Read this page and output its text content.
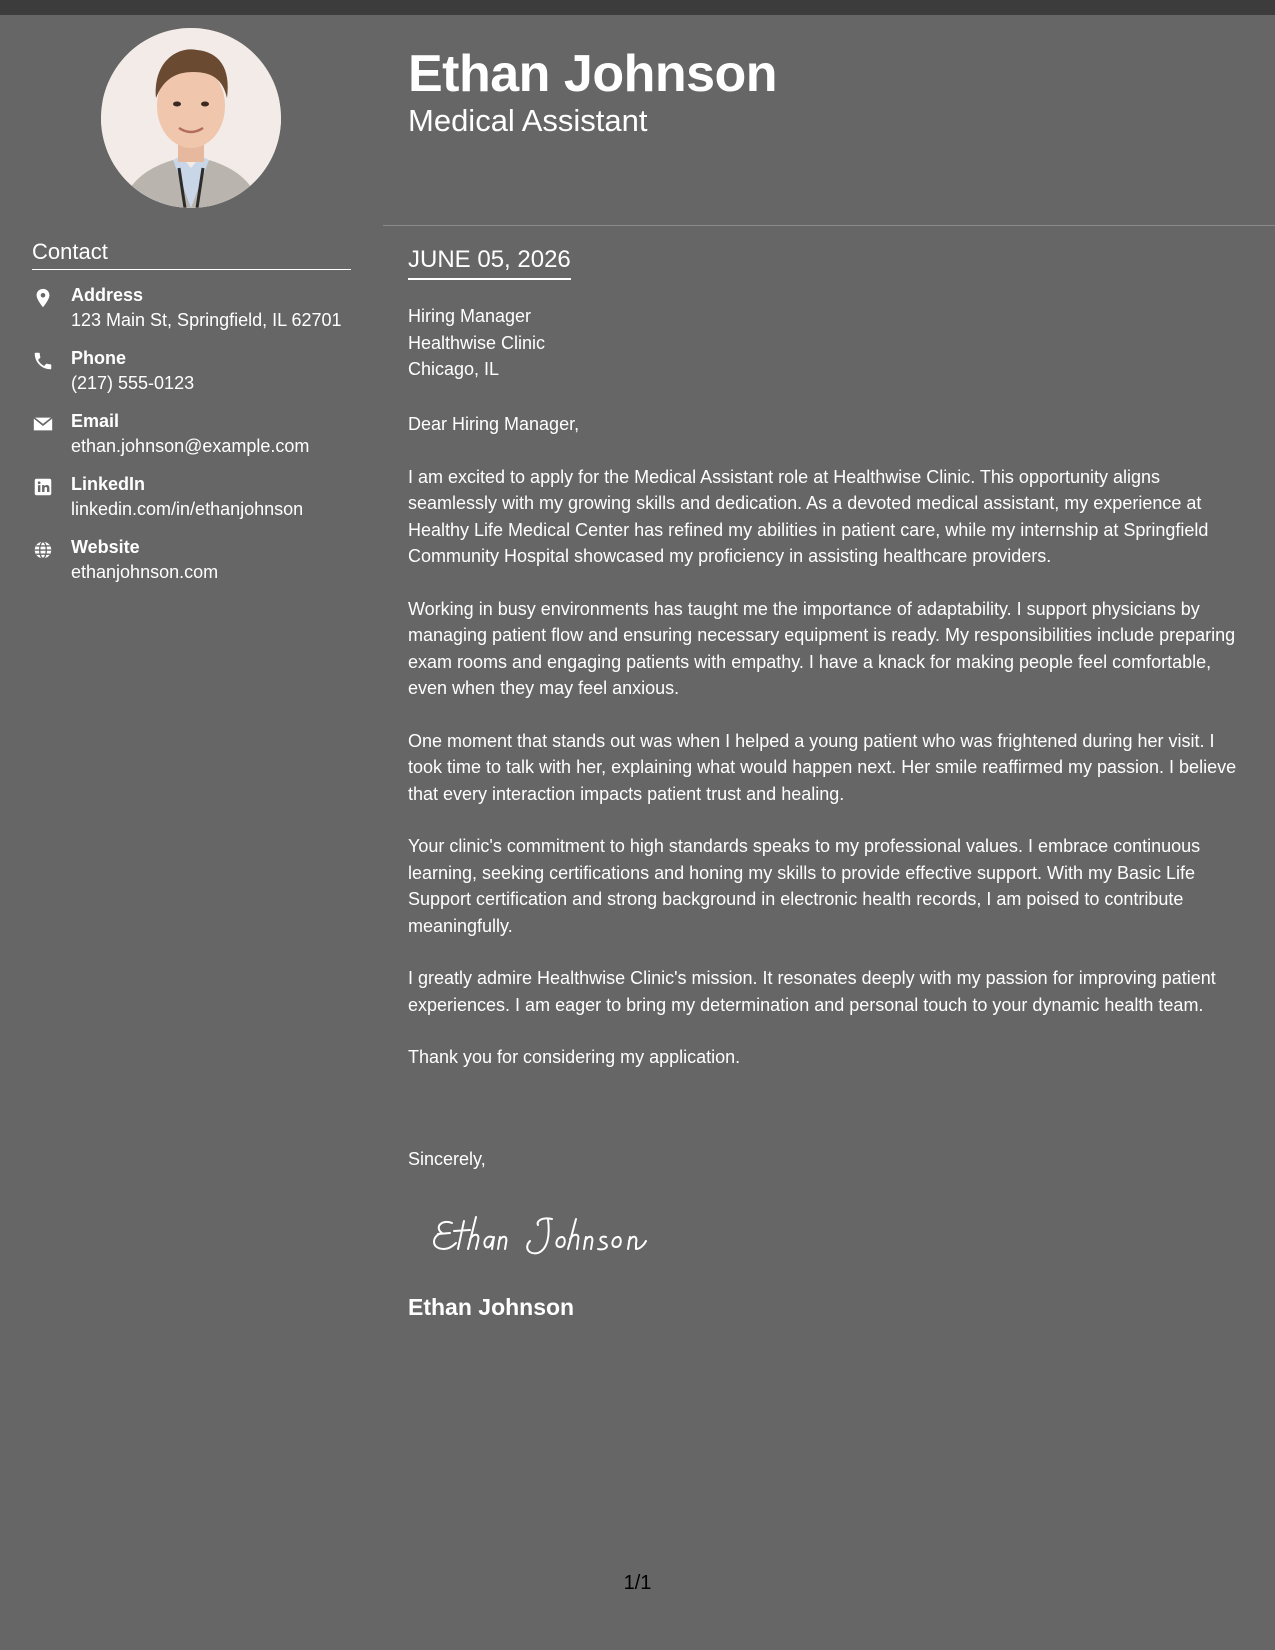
Contact
Address
123 Main St, Springfield, IL 62701
Phone
(217) 555-0123
Email
ethan.johnson@example.com
LinkedIn
linkedin.com/in/ethanjohnson
Website
ethanjohnson.com
Ethan Johnson
Medical Assistant
JUNE 05, 2026
Hiring Manager
Healthwise Clinic
Chicago, IL
Dear Hiring Manager,

I am excited to apply for the Medical Assistant role at Healthwise Clinic. This opportunity aligns seamlessly with my growing skills and dedication. As a devoted medical assistant, my experience at Healthy Life Medical Center has refined my abilities in patient care, while my internship at Springfield Community Hospital showcased my proficiency in assisting healthcare providers.

Working in busy environments has taught me the importance of adaptability. I support physicians by managing patient flow and ensuring necessary equipment is ready. My responsibilities include preparing exam rooms and engaging patients with empathy. I have a knack for making people feel comfortable, even when they may feel anxious.

One moment that stands out was when I helped a young patient who was frightened during her visit. I took time to talk with her, explaining what would happen next. Her smile reaffirmed my passion. I believe that every interaction impacts patient trust and healing.

Your clinic's commitment to high standards speaks to my professional values. I embrace continuous learning, seeking certifications and honing my skills to provide effective support. With my Basic Life Support certification and strong background in electronic health records, I am poised to contribute meaningfully.

I greatly admire Healthwise Clinic's mission. It resonates deeply with my passion for improving patient experiences. I am eager to bring my determination and personal touch to your dynamic health team.

Thank you for considering my application.

Sincerely,
Ethan Johnson
1/1
